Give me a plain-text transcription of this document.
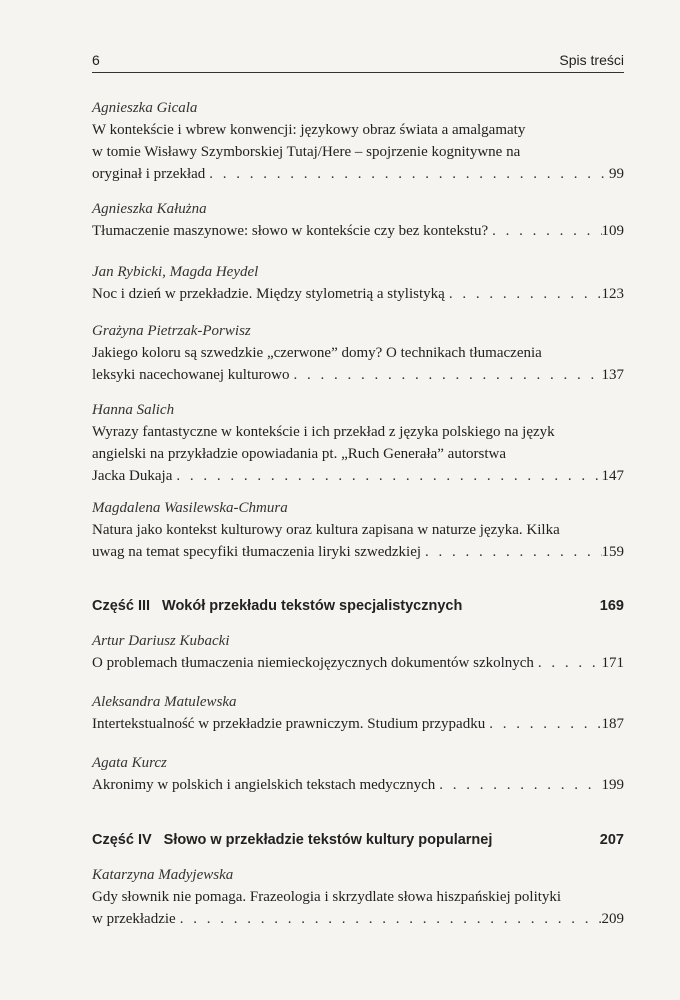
6	Spis treści
Agnieszka Gicala
W kontekście i wbrew konwencji: językowy obraz świata a amalgamaty
w tomie Wisławy Szymborskiej Tutaj/Here – spojrzenie kognitywne na
oryginał i przekład . . .	99
Agnieszka Kałużna
Tłumaczenie maszynowe: słowo w kontekście czy bez kontekstu? . . .	109
Jan Rybicki, Magda Heydel
Noc i dzień w przekładzie. Między stylometrią a stylistyką . . .	123
Grażyna Pietrzak-Porwisz
Jakiego koloru są szwedzkie „czerwone” domy? O technikach tłumaczenia
leksyki nacechowanej kulturowo . . .	137
Hanna Salich
Wyrazy fantastyczne w kontekście i ich przekład z języka polskiego na język
angielski na przykładzie opowiadania pt. „Ruch Generała” autorstwa
Jacka Dukaja . . .	147
Magdalena Wasilewska-Chmura
Natura jako kontekst kulturowy oraz kultura zapisana w naturze języka. Kilka
uwag na temat specyfiki tłumaczenia liryki szwedzkiej . . .	159
Część III Wokół przekładu tekstów specjalistycznych	169
Artur Dariusz Kubacki
O problemach tłumaczenia niemieckojęzycznych dokumentów szkolnych . . .	171
Aleksandra Matulewska
Intertekstualność w przekładzie prawniczym. Studium przypadku . . .	187
Agata Kurcz
Akronimy w polskich i angielskich tekstach medycznych . . .	199
Część IV Słowo w przekładzie tekstów kultury popularnej	207
Katarzyna Madyjewska
Gdy słownik nie pomaga. Frazeologia i skrzydlate słowa hiszpańskiej polityki
w przekładzie . . .	209
